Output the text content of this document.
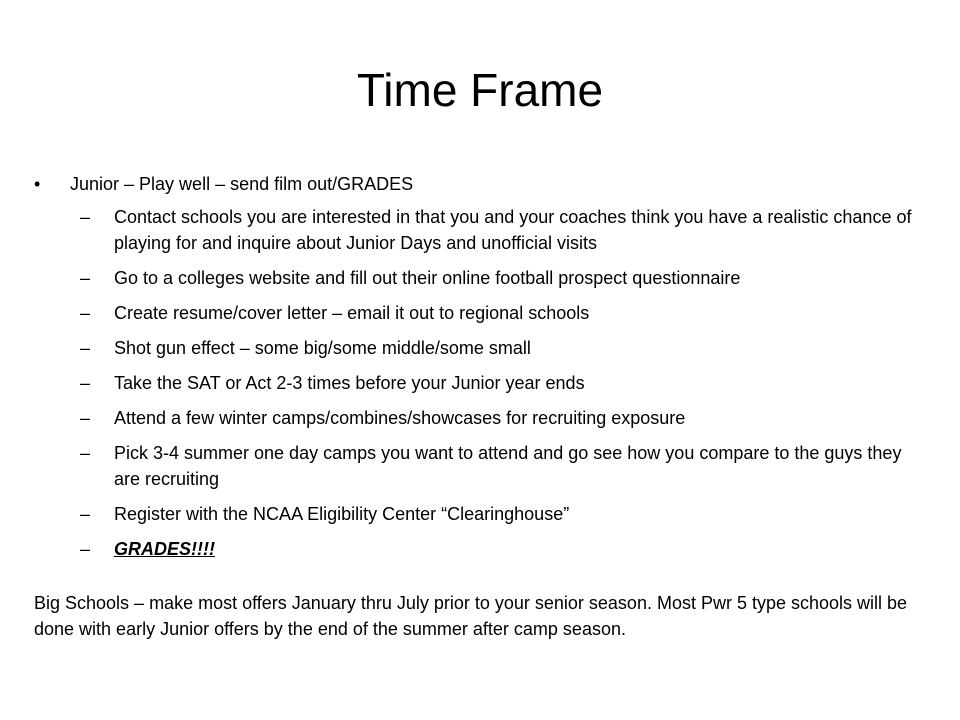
Time Frame
• Junior – Play well – send film out/GRADES
– Contact schools you are interested in that you and your coaches think you have a realistic chance of playing for and inquire about Junior Days and unofficial visits
– Go to a colleges website and fill out their online football prospect questionnaire
– Create resume/cover letter – email it out to regional schools
– Shot gun effect – some big/some middle/some small
– Take the SAT or Act 2-3 times before your Junior year ends
– Attend a few winter camps/combines/showcases for recruiting exposure
– Pick 3-4 summer one day camps you want to attend and go see how you compare to the guys they are recruiting
– Register with the NCAA Eligibility Center “Clearinghouse”
– GRADES!!!!

Big Schools – make most offers January thru July prior to your senior season. Most Pwr 5 type schools will be done with early Junior offers by the end of the summer after camp season.
